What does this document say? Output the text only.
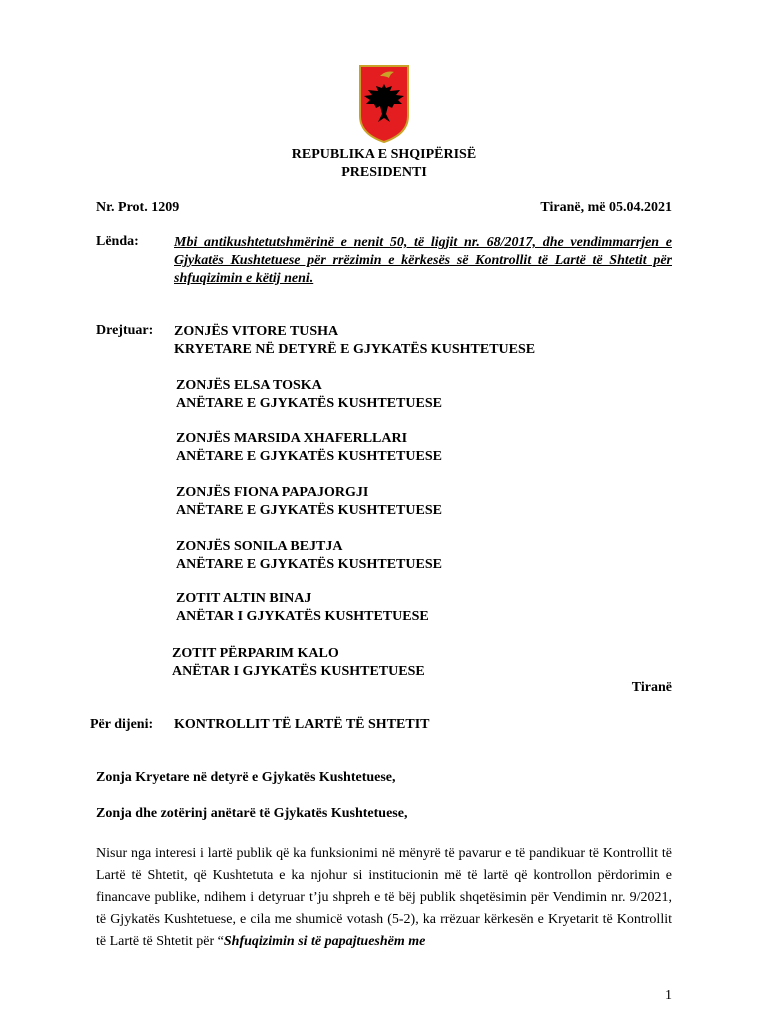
REPUBLIKA E SHQIPËRISË
PRESIDENTI
Nr. Prot. 1209	Tiranë, më 05.04.2021
Lënda:	Mbi antikushtetutshmërinë e nenit 50, të ligjit nr. 68/2017, dhe vendimmarrjen e Gjykatës Kushtetuese për rrëzimin e kërkesës së Kontrollit të Lartë të Shtetit për shfuqizimin e këtij neni.
Drejtuar: ZONJËS VITORE TUSHA
KRYETARE NË DETYRË E GJYKATËS KUSHTETUESE
ZONJËS ELSA TOSKA
ANËTARE E GJYKATËS KUSHTETUESE
ZONJËS MARSIDA XHAFERLLARI
ANËTARE E GJYKATËS KUSHTETUESE
ZONJËS FIONA PAPAJORGJI
ANËTARE E GJYKATËS KUSHTETUESE
ZONJËS SONILA BEJTJA
ANËTARE E GJYKATËS KUSHTETUESE
ZOTIT ALTIN BINAJ
ANËTAR I GJYKATËS KUSHTETUESE
ZOTIT PËRPARIM KALO
ANËTAR I GJYKATËS KUSHTETUESE
Tiranë
Për dijeni: KONTROLLIT TË LARTË TË SHTETIT
Zonja Kryetare në detyrë e Gjykatës Kushtetuese,
Zonja dhe zotërinj anëtarë të Gjykatës Kushtetuese,
Nisur nga interesi i lartë publik që ka funksionimi në mënyrë të pavarur e të pandikuar të Kontrollit të Lartë të Shtetit, që Kushtetuta e ka njohur si institucionin më të lartë që kontrollon përdorimin e financave publike, ndihem i detyruar t’ju shpreh e të bëj publik shqetësimin për Vendimin nr. 9/2021, të Gjykatës Kushtetuese, e cila me shumicë votash (5-2), ka rrëzuar kërkesën e Kryetarit të Kontrollit të Lartë të Shtetit për “Shfuqizimin si të papajtueshëm me
1
